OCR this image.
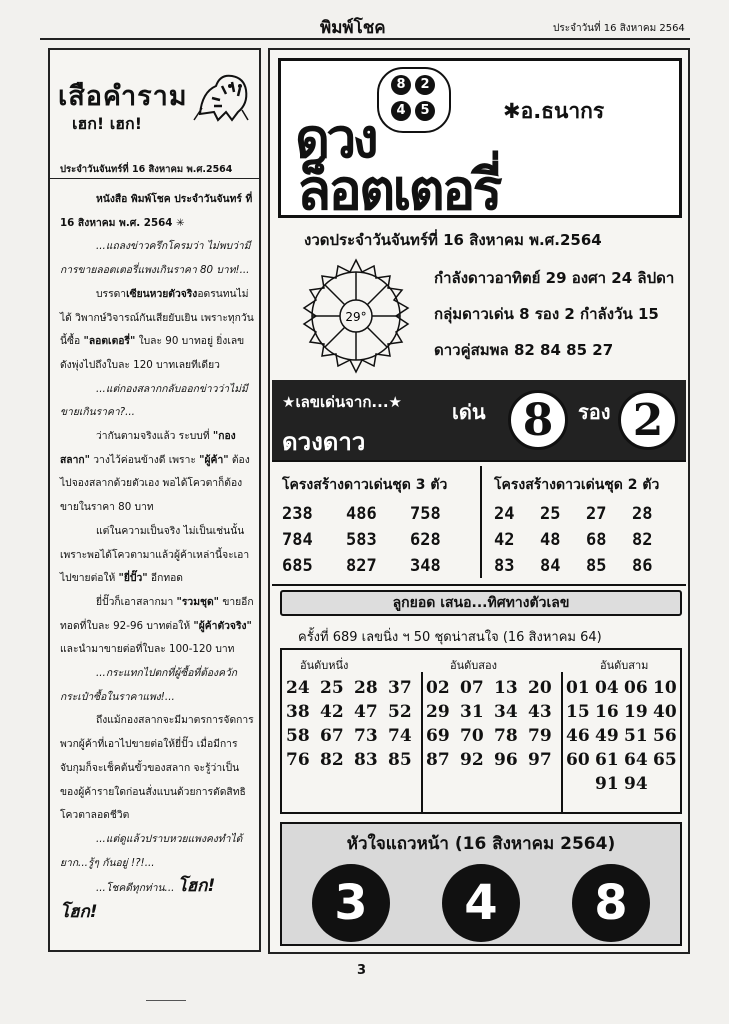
พิมพ์โชค	ประจำวันที่ 16 สิงหาคม 2564
เสือคำราม
เฮก! เฮก!
ประจำวันจันทร์ที่ 16 สิงหาคม พ.ศ.2564

หนังสือ พิมพ์โชค ประจำวันจันทร์ ที่ 16 สิงหาคม พ.ศ. 2564 ✳

...แถลงข่าวครึกโครมว่า ไม่พบว่ามีการขายลอตเตอรี่แพงเกินราคา 80 บาท!...

บรรดาเซียนหวยตัวจริงอดรนทนไม่ได้ วิพากษ์วิจารณ์กันเสียยับเยิน เพราะทุกวันนี้ซื้อ "ลอตเตอรี่" ใบละ 90 บาทอยู่ ยิ่งเลขดังพุ่งไปถึงใบละ 120 บาทเลยทีเดียว

...แต่กองสลากกลับออกข่าวว่าไม่มีขายเกินราคา?...

ว่ากันตามจริงแล้ว ระบบที่ "กองสลาก" วางไว้ค่อนข้างดี เพราะ "ผู้ค้า" ต้องไปจองสลากด้วยตัวเอง พอได้โควตาก็ต้องขายในราคา 80 บาท

แต่ในความเป็นจริง ไม่เป็นเช่นนั้น เพราะพอได้โควตามาแล้วผู้ค้าเหล่านี้จะเอาไปขายต่อให้ "ยี่ปั๊ว" อีกทอด

ยี่ปั๊วก็เอาสลากมา "รวมชุด" ขายอีกทอดที่ใบละ 92-96 บาทต่อให้ "ผู้ค้าตัวจริง" และนำมาขายต่อที่ใบละ 100-120 บาท

...กระแทกไปตกที่ผู้ซื้อที่ต้องควักกระเป๋าซื้อในราคาแพง!...

ถึงแม้กองสลากจะมีมาตรการจัดการพวกผู้ค้าที่เอาไปขายต่อให้ยี่ปั๊ว เมื่อมีการจับกุมก็จะเช็คต้นขั้วของสลาก จะรู้ว่าเป็นของผู้ค้ารายใดก่อนสั่งแบนด้วยการตัดสิทธิโควตาลอดชีวิต

...แต่ดูแล้วปราบหวยแพงคงทำได้ยาก...รู้ๆ กันอยู่ !?!...

...โชคดีทุกท่าน... โฮก! โฮก!

ดวง
8	2
4	5	✱อ.ธนากร
ล็อตเตอรี่
งวดประจำวันจันทร์ที่ 16 สิงหาคม พ.ศ.2564
29°
กำลังดาวอาทิตย์ 29 องศา 24 ลิปดา
กลุ่มดาวเด่น 8 รอง 2 กำลังวัน 15
ดาวคู่สมพล 82 84 85 27
★เลขเด่นจาก...★
ดวงดาว
เด่น 8	รอง 2
โครงสร้างดาวเด่นชุด 3 ตัว	โครงสร้างดาวเด่นชุด 2 ตัว
238	486	758
784	583	628
685	827	348
24	25	27	28
42	48	68	82
83	84	85	86
ลูกยอด เสนอ...ทิศทางตัวเลข
ครั้งที่ 689 เลขนิ่ง ฯ 50 ชุดน่าสนใจ (16 สิงหาคม 64)
อันดับหนึ่ง
24 25 28 37
38 42 47 52
58 67 73 74
76 82 83 85
อันดับสอง
02 07 13 20
29 31 34 43
69 70 78 79
87 92 96 97
อันดับสาม
01 04 06 10
15 16 19 40
46 49 51 56
60 61 64 65
91 94
หัวใจแถวหน้า (16 สิงหาคม 2564)
3	4	8
3
